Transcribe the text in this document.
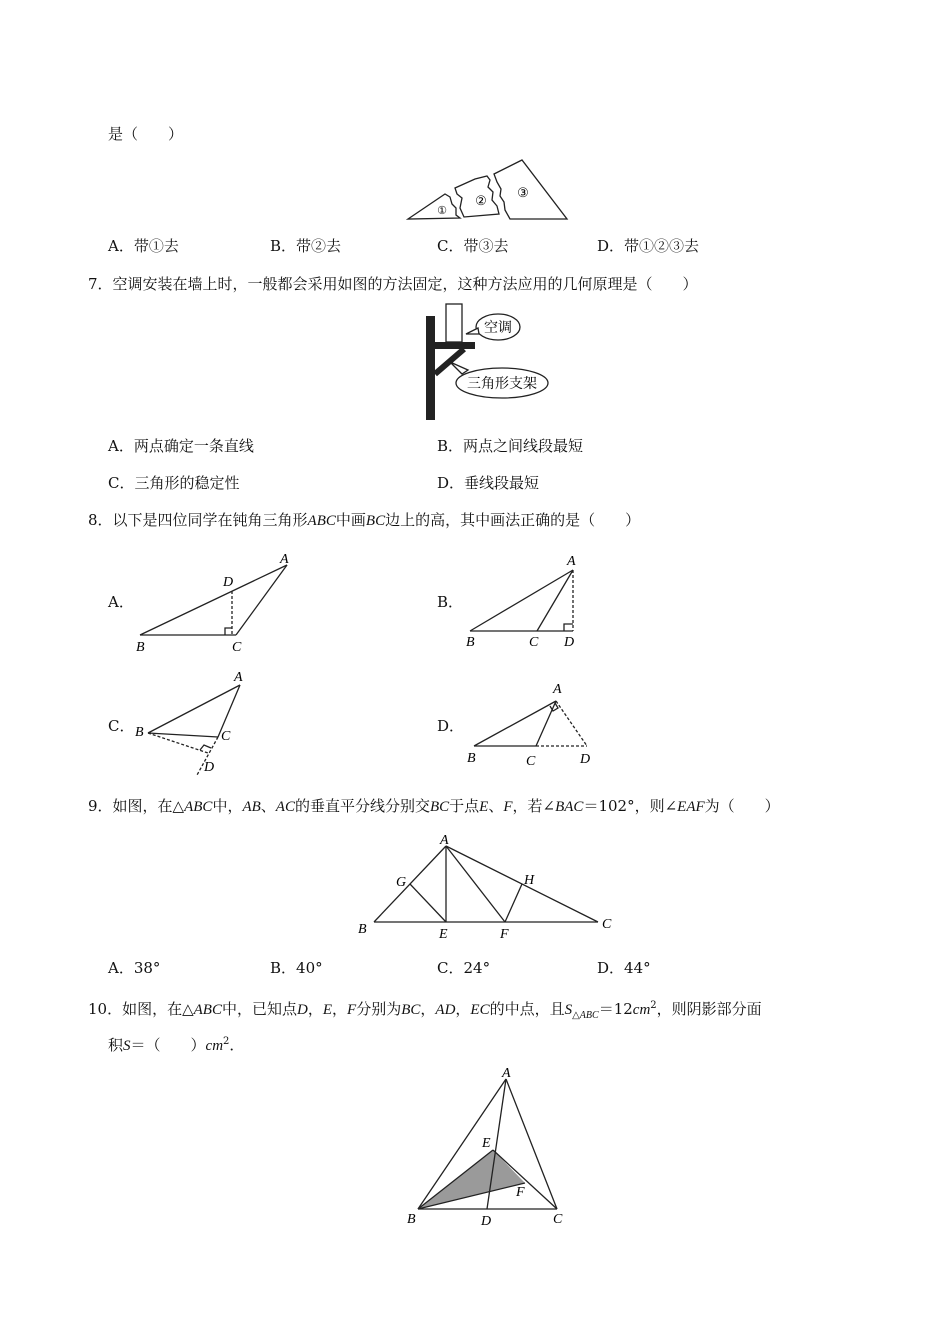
是（　　）
①
②
③
A．带①去	B．带②去	C．带③去	D．带①②③去
7．空调安装在墙上时，一般都会采用如图的方法固定，这种方法应用的几何原理是（　　）
空调
三角形支架
A．两点确定一条直线	B．两点之间线段最短
C．三角形的稳定性	D．垂线段最短
8．以下是四位同学在钝角三角形ABC中画BC边上的高，其中画法正确的是（　　）
A．
A
B	C
D
B．
A
B	C D
C．
A
B	C
D
D．
A
B	C	D
9．如图，在△ABC中，AB、AC的垂直平分线分别交BC于点E、F，若∠BAC＝102°，则∠EAF为（　　）
A
B	C
E	F
G	H
A．38°	B．40°	C．24°	D．44°
10．如图，在△ABC中，已知点D，E，F分别为BC，AD，EC的中点，且$S_{\triangle ABC}=12cm^2$，则阴影部分面
积S＝（　　）$cm^2$．
A
B	C
D
E
F
